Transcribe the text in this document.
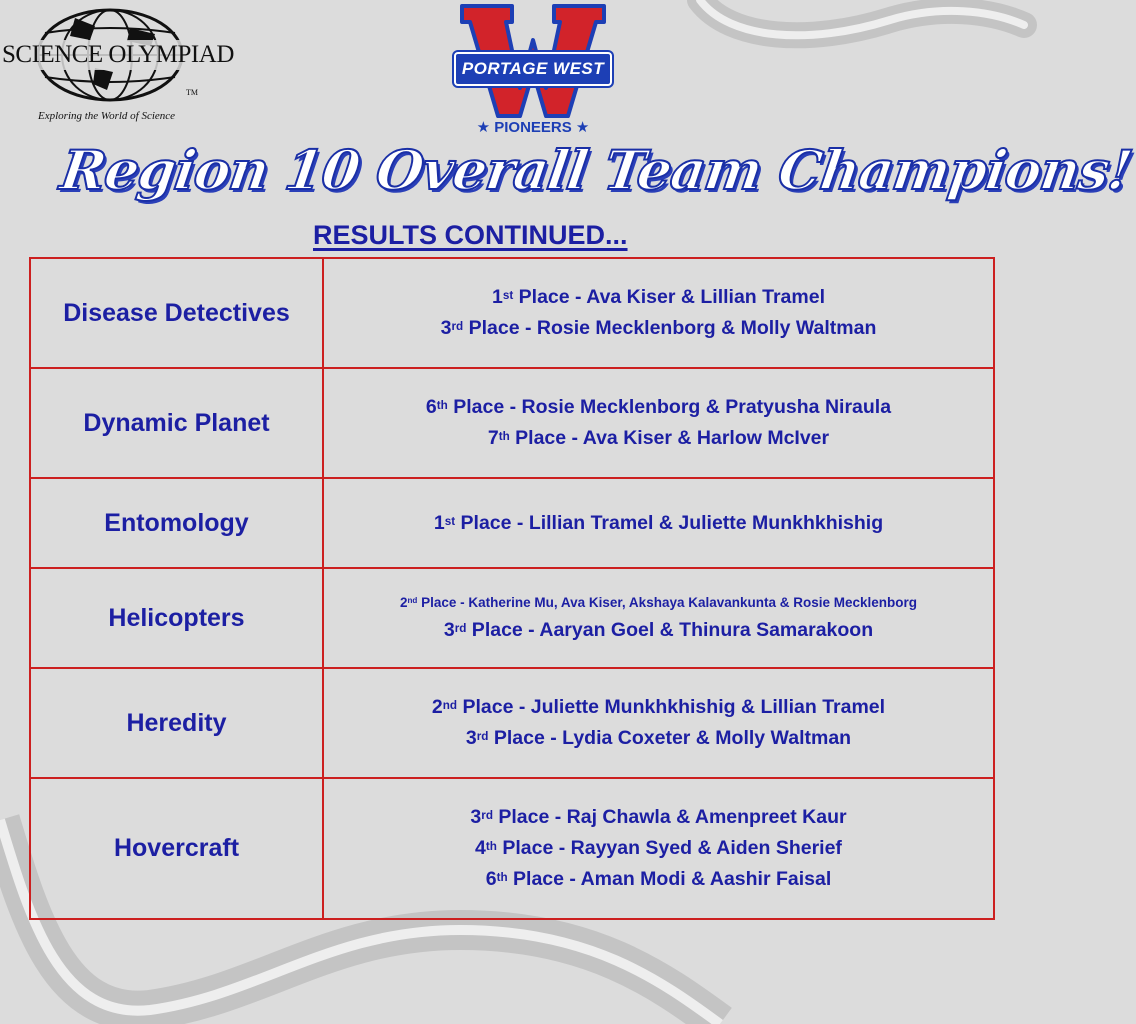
SCIENCE OLYMPIAD
TM
Exploring the World of Science
PORTAGE WEST
★ PIONEERS ★
Region 10 Overall Team Champions!
RESULTS CONTINUED...
Disease Detectives	1st Place - Ava Kiser & Lillian Tramel
3rd Place - Rosie Mecklenborg & Molly Waltman

Dynamic Planet	6th Place - Rosie Mecklenborg & Pratyusha Niraula
7th Place - Ava Kiser & Harlow McIver

Entomology	1st Place - Lillian Tramel & Juliette Munkhkhishig

Helicopters	2nd Place - Katherine Mu, Ava Kiser, Akshaya Kalavankunta & Rosie Mecklenborg
3rd Place - Aaryan Goel & Thinura Samarakoon

Heredity	2nd Place - Juliette Munkhkhishig & Lillian Tramel
3rd Place - Lydia Coxeter & Molly Waltman

Hovercraft	3rd Place - Raj Chawla & Amenpreet Kaur
4th Place - Rayyan Syed & Aiden Sherief
6th Place - Aman Modi & Aashir Faisal
